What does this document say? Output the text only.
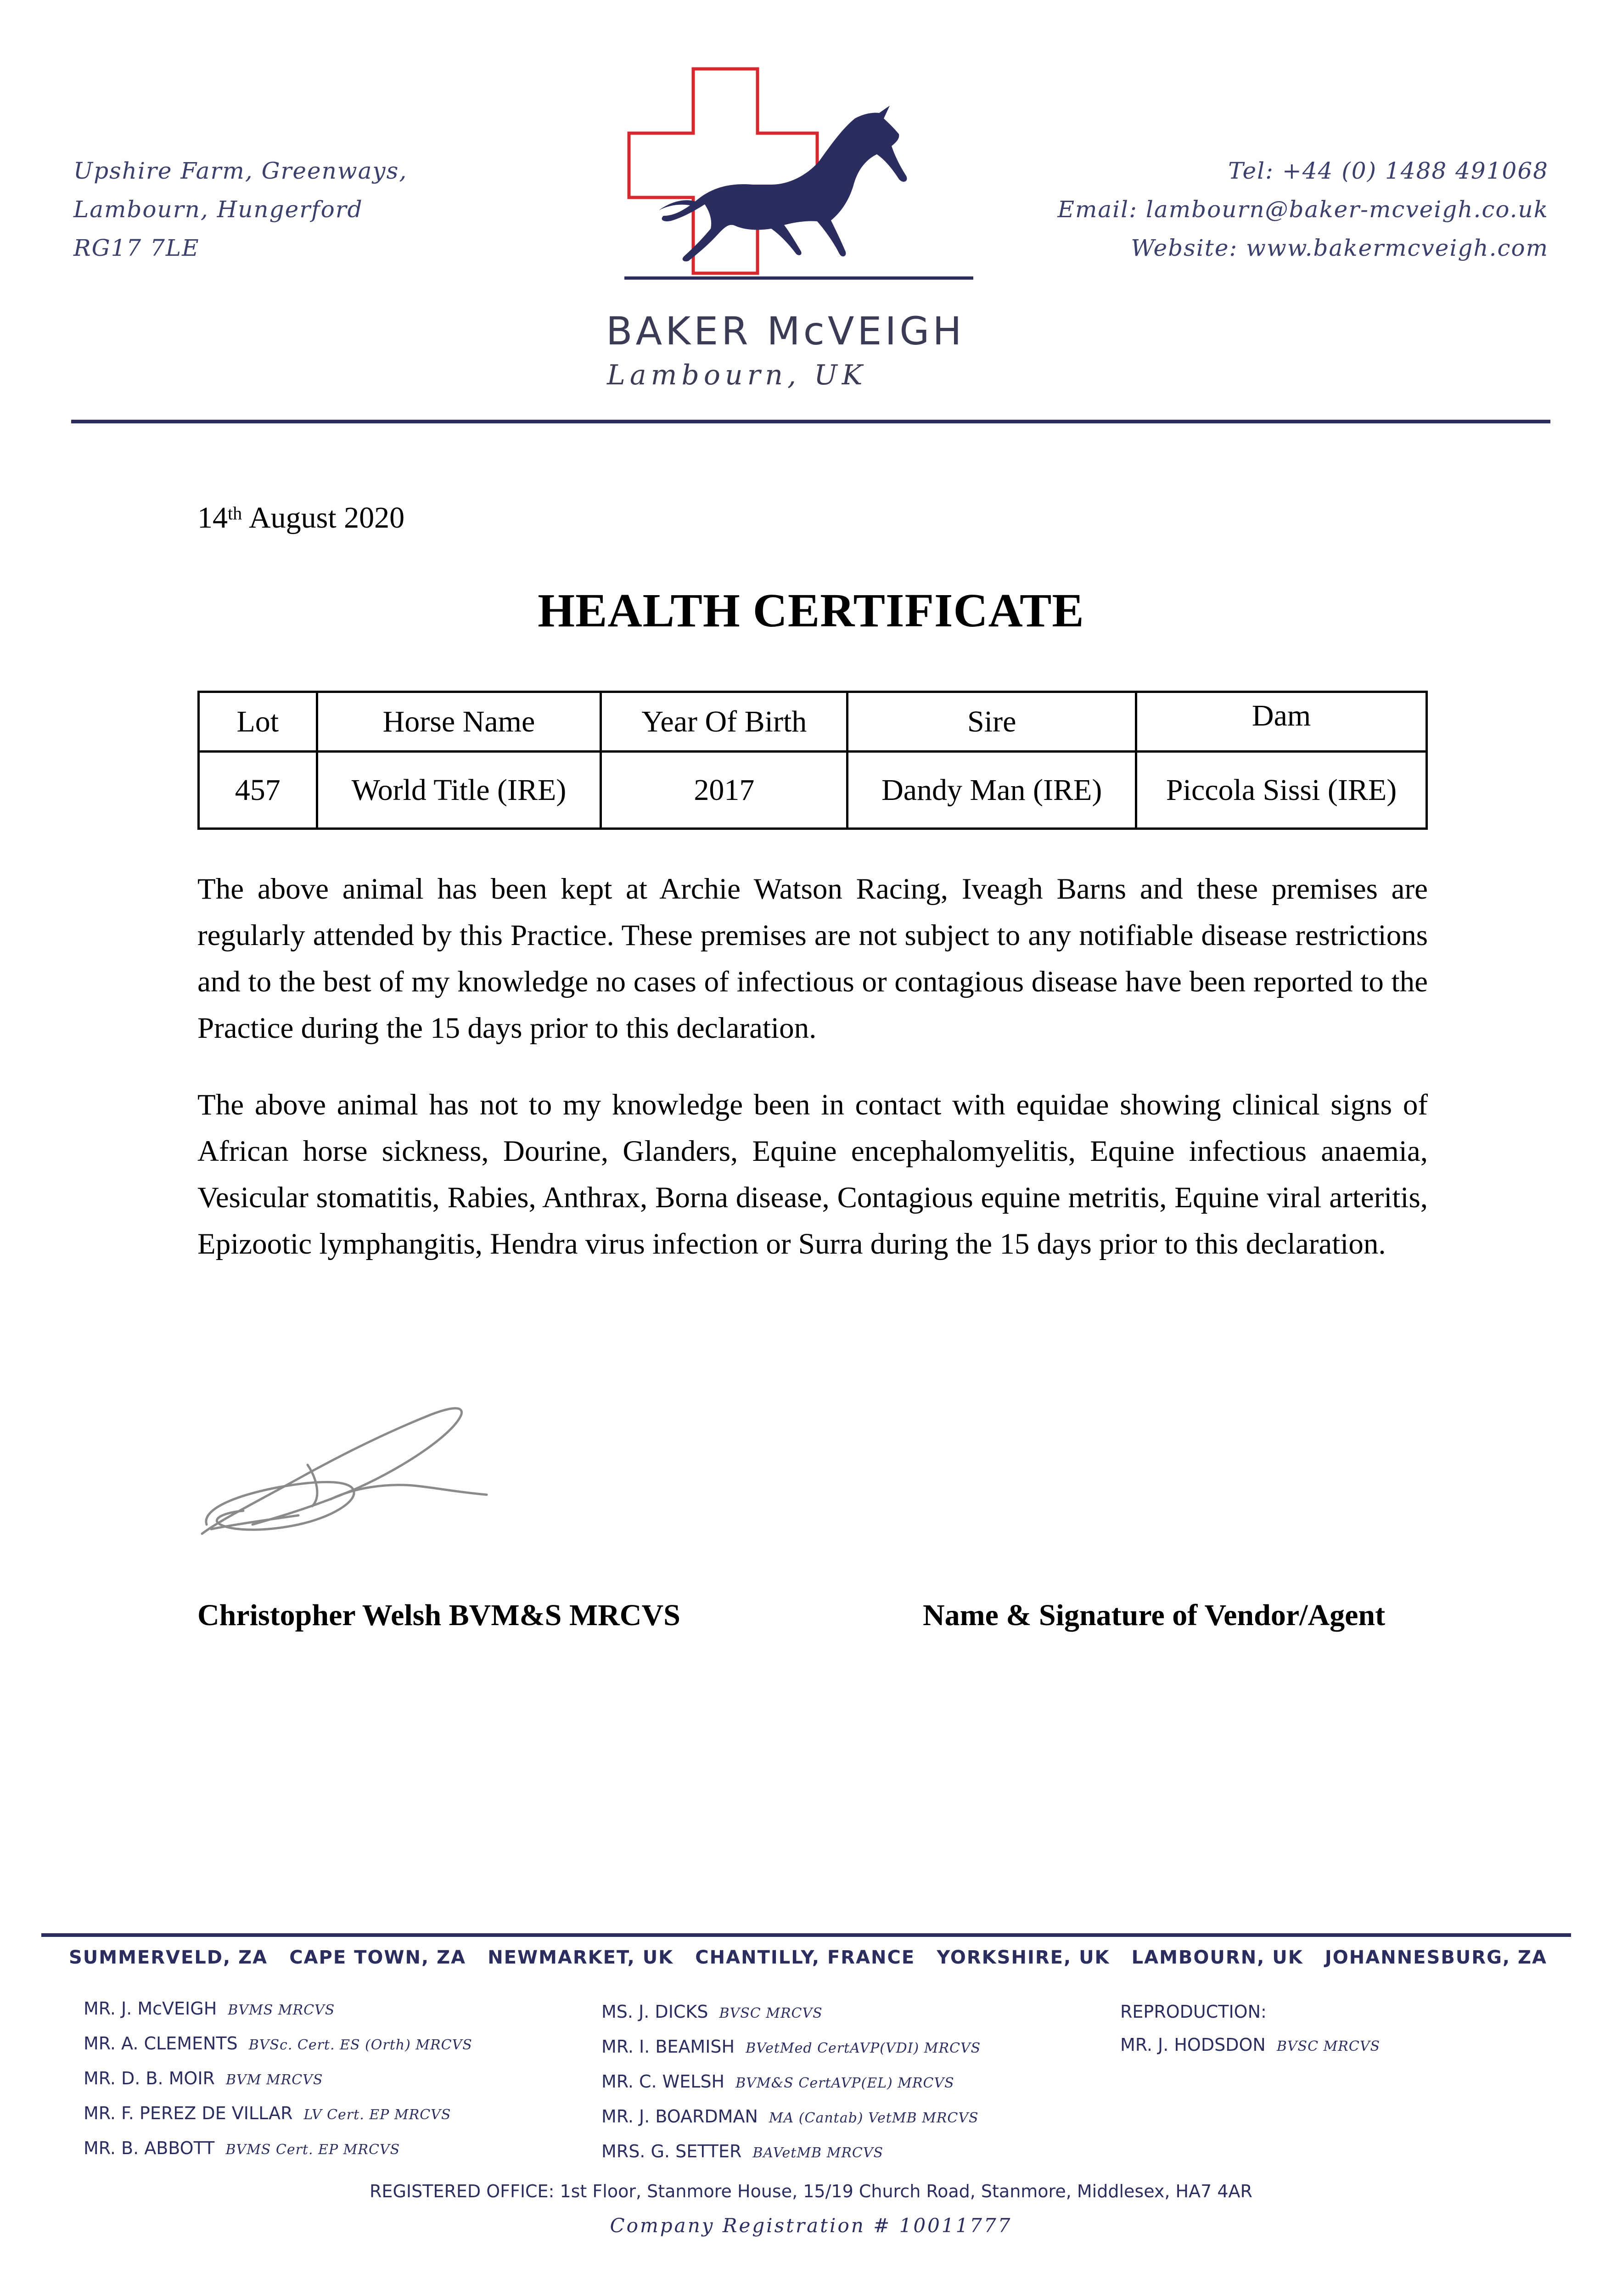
Upshire Farm, Greenways,
Lambourn, Hungerford
RG17 7LE
BAKER McVEIGH
Lambourn, UK
Tel: +44 (0) 1488 491068
Email: lambourn@baker-mcveigh.co.uk
Website: www.bakermcveigh.com
14th August 2020
HEALTH CERTIFICATE
Lot	Horse Name	Year Of Birth	Sire	Dam
457	World Title (IRE)	2017	Dandy Man (IRE)	Piccola Sissi (IRE)
The above animal has been kept at Archie Watson Racing, Iveagh Barns and these premises are regularly attended by this Practice. These premises are not subject to any notifiable disease restrictions and to the best of my knowledge no cases of infectious or contagious disease have been reported to the Practice during the 15 days prior to this declaration.
The above animal has not to my knowledge been in contact with equidae showing clinical signs of African horse sickness, Dourine, Glanders, Equine encephalomyelitis, Equine infectious anaemia, Vesicular stomatitis, Rabies, Anthrax, Borna disease, Contagious equine metritis, Equine viral arteritis, Epizootic lymphangitis, Hendra virus infection or Surra during the 15 days prior to this declaration.
Christopher Welsh BVM&S MRCVS	Name & Signature of Vendor/Agent
SUMMERVELD, ZA CAPE TOWN, ZA NEWMARKET, UK CHANTILLY, FRANCE YORKSHIRE, UK LAMBOURN, UK JOHANNESBURG, ZA
MR. J. McVEIGH BVMS MRCVS
MR. A. CLEMENTS BVSc. Cert. ES (Orth) MRCVS
MR. D. B. MOIR BVM MRCVS
MR. F. PEREZ DE VILLAR LV Cert. EP MRCVS
MR. B. ABBOTT BVMS Cert. EP MRCVS
MS. J. DICKS BVSC MRCVS
MR. I. BEAMISH BVetMed CertAVP(VDI) MRCVS
MR. C. WELSH BVM&S CertAVP(EL) MRCVS
MR. J. BOARDMAN MA (Cantab) VetMB MRCVS
MRS. G. SETTER BAVetMB MRCVS
REPRODUCTION:
MR. J. HODSDON BVSC MRCVS
REGISTERED OFFICE: 1st Floor, Stanmore House, 15/19 Church Road, Stanmore, Middlesex, HA7 4AR
Company Registration # 10011777
